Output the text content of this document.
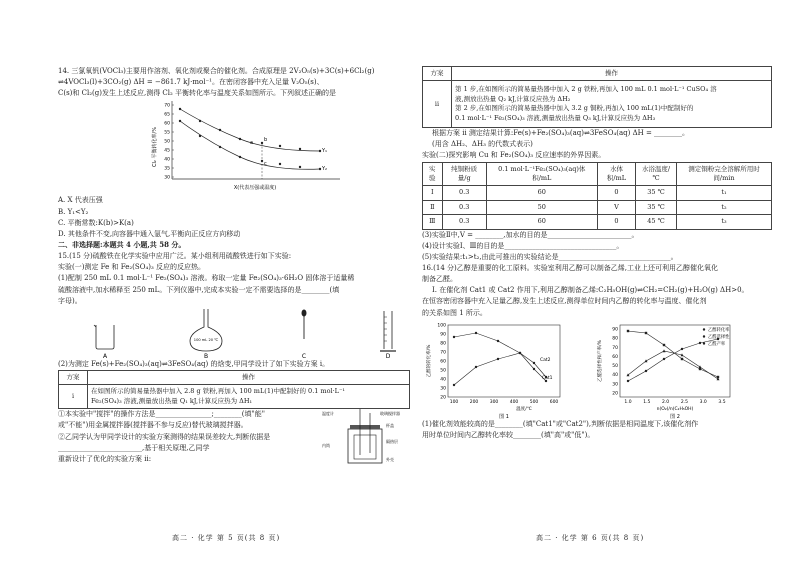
14. 三氯氧钒(VOCl₃)主要用作溶剂、氧化剂或聚合的催化剂。合成原理是 2V₂O₅(s)+3C(s)+6Cl₂(g)
⇌4VOCl₃(l)+3CO₂(g) ΔH = −861.7 kJ·mol⁻¹。在密闭容器中充入足量 V₂O₅(s)、
C(s)和 Cl₂(g)发生上述反应,测得 Cl₂ 平衡转化率与温度关系如图所示。下列叙述正确的是
Cl₂ 平衡转化率/%
70
65
60
55
50
45
40
35
30
Y₁
Y₂
a b
c
X(代表压强或温度)
A. X 代表压强
B. Y₁<Y₂
C. 平衡常数:K(b)>K(a)
D. 其他条件不变,向容器中通入氩气,平衡向正反应方向移动
二、非选择题:本题共 4 小题,共 58 分。
15.(15 分)硫酸铁在化学实验中应用广泛。某小组利用硫酸铁进行如下实验:
实验(一)测定 Fe 和 Fe₂(SO₄)₃ 反应的反应热。
(1)配制 250 mL 0.1 mol·L⁻¹ Fe₂(SO₄)₃ 溶液。称取一定量 Fe₂(SO₄)₃·6H₂O 固体溶于适量稀
硫酸溶液中,加水稀释至 250 mL。下列仪器中,完成本实验一定不需要选择的是________(填
字母)。
100 mL 20 ℃
A	B	C	D
(2)为测定 Fe(s)+Fe₂(SO₄)₃(aq)⇌3FeSO₄(aq) 的焓变,甲同学设计了如下实验方案 i。
方案	操作
i	在如图所示的简易量热器中加入 2.8 g 铁粉,再加入 100 mL(1)中配制好的 0.1 mol·L⁻¹
Fe₂(SO₄)₃ 溶液,测量放出热量 Q₁ kJ,计算反应热为 ΔH₁
①本实验中"搅拌"的操作方法是________________;________(填"能"
或"不能")用金属搅拌器(搅拌器不参与反应)替代玻璃搅拌器。
②乙同学认为甲同学设计的实验方案测得的结果误差较大,判断依据是
________________________,基于相关原理,乙同学
重新设计了优化的实验方案 ii:
温度计	玻璃搅拌器
内筒
杯盖
隔热层
外壳
高二 · 化学 第 5 页(共 8 页)
方案	操作
ii	第 1 步,在如图所示的简易量热器中加入 2 g 铁粉,再加入 100 mL 0.1 mol·L⁻¹ CuSO₄ 溶
液,测放出热量 Q₂ kJ,计算反应热为 ΔH₂
第 2 步,在如图所示的简易量热器中加入 3.2 g 铜粉,再加入 100 mL(1)中配制好的
0.1 mol·L⁻¹ Fe₂(SO₄)₃ 溶液,测量放出热量 Q₃ kJ,计算反应热为 ΔH₃
根据方案 ii 测定结果计算:Fe(s)+Fe₂(SO₄)₃(aq)⇌3FeSO₄(aq) ΔH = ________。
(用含 ΔH₂、ΔH₃ 的代数式表示)
实验(二)探究影响 Cu 和 Fe₂(SO₄)₃ 反应速率的外界因素。
实验	纯铜粉质量/g	0.1 mol·L⁻¹Fe₂(SO₄)₃(aq)体积/mL	水体积/mL	水浴温度/℃	测定铜粉完全溶解所用时间/min
Ⅰ	0.3	60	0	35 ℃	t₁
Ⅱ	0.3	50	V	35 ℃	t₂
Ⅲ	0.3	60	0	45 ℃	t₃
(3)实验Ⅱ中,V = ________,加水的目的是________________________。
(4)设计实验Ⅰ、Ⅲ的目的是________________________________。
(5)实验结果:t₁>t₂,由此可推出的实验结论是________________________________。
16.(14 分)乙醇是重要的化工原料。实验室利用乙醇可以制备乙烯,工业上还可利用乙醇催化氧化
制备乙醛。
Ⅰ. 在催化剂 Cat1 或 Cat2 作用下,利用乙醇制备乙烯:C₂H₅OH(g)⇌CH₂=CH₂(g)+H₂O(g) ΔH>0。
在恒容密闭容器中充入足量乙醇,发生上述反应,测得单位时间内乙醇的转化率与温度、催化剂
的关系如图 1 所示。
100
90
80
70
60
50
40
30
20
100	200	300	400	500	600
乙醇的转化率/%
温度/℃
图 1
Cat2
Cat1
90
80
70
60
50
40
30
20
1.0	1.5	2.0	2.5	3.0	3.5
乙醛选择性和产率/%
n(O₂)/n(C₂H₅OH)
图 2
乙醇转化率
乙醛选择性
乙醛产率
(1)催化剂效能较高的是________(填"Cat1"或"Cat2"),判断依据是相同温度下,该催化剂作
用时单位时间内乙醇转化率较________(填"高"或"低")。
高二 · 化学 第 6 页(共 8 页)
